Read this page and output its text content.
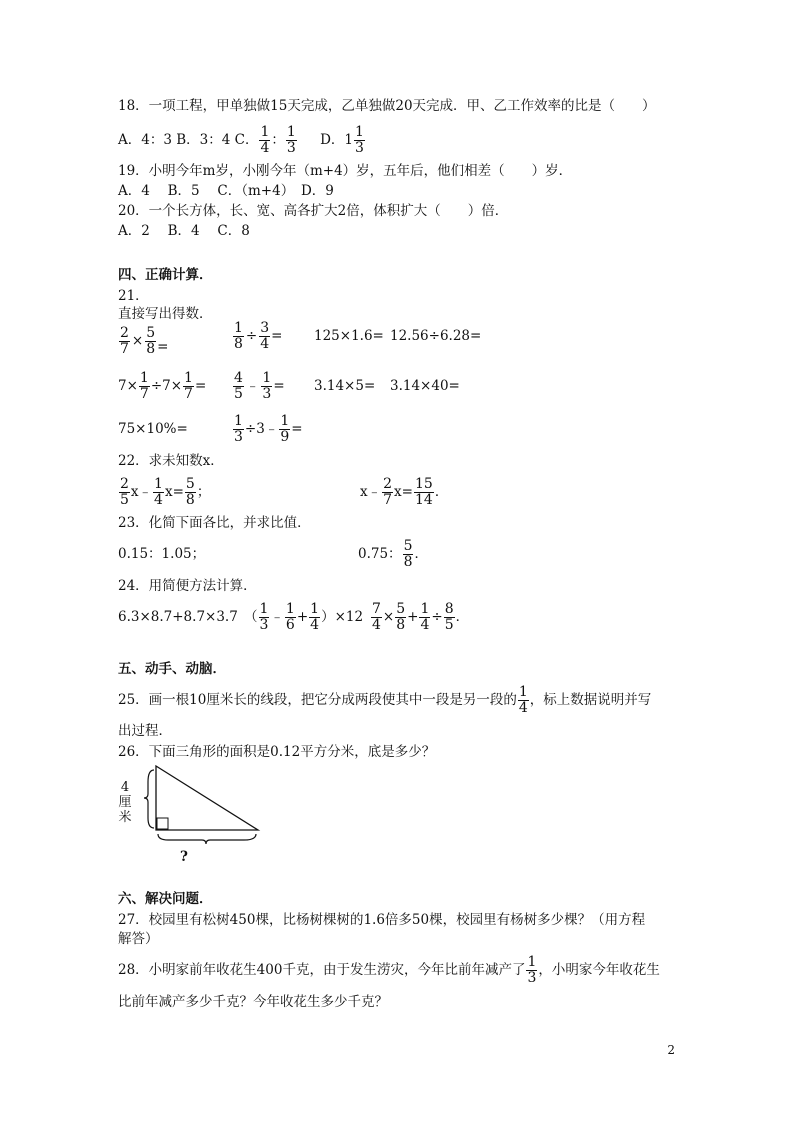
18．一项工程，甲单独做15天完成，乙单独做20天完成．甲、乙工作效率的比是（　　）
A．4：3 B．3：4 C． $\frac{1}{4}$ ： $\frac{1}{3}$ D．$1 \frac{1}{3}$
19．小明今年m岁，小刚今年（m+4）岁，五年后，他们相差（　　）岁．
A．4　 B．5　 C．（m+4）　D．9
20．一个长方体，长、宽、高各扩大2倍，体积扩大（　　）倍．
A．2　 B．4　 C．8
四、正确计算．
21．
直接写出得数．
$\frac{2}{7} \times \frac{5}{8}$ =	$\frac{1}{8} \div \frac{3}{4} = 125\times 1.6= 12.56\div 6.28=$
$7\times \frac{1}{7} \div 7\times \frac{1}{7} = \frac{4}{5}$ ﹣ $\frac{1}{3} = 3.14\times 5= 3.14\times 40=$
75×10%=	$\frac{1}{3}$ ÷3﹣ $\frac{1}{9}$ =
22．求未知数x．
$\frac{2}{5}$ x﹣ $\frac{1}{4} x= \frac{5}{8}$ ；	x﹣ $\frac{2}{7} x= \frac{15}{14}$ ．
23．化简下面各比，并求比值．
0.15：1.05；	0.75： $\frac{5}{8}$ ．
24．用简便方法计算．
6.3×8.7+8.7×3.7 （ $\frac{1}{3}$ ﹣ $\frac{1}{6} + \frac{1}{4} )\times 12 \frac{7}{4} \times \frac{5}{8} + \frac{1}{4} \div \frac{8}{5}$ ．
五、动手、动脑．
25．画一根10厘米长的线段，把它分成两段使其中一段是另一段的 $\frac{1}{4}$ ，标上数据说明并写
出过程．
26．下面三角形的面积是0.12平方分米，底是多少？
4厘米
?
六、解决问题．
27．校园里有松树450棵，比杨树棵树的1.6倍多50棵，校园里有杨树多少棵？（用方程
解答）
28．小明家前年收花生400千克，由于发生涝灾，今年比前年减产了 $\frac{1}{3}$ ，小明家今年收花生
比前年减产多少千克？今年收花生多少千克？
2
